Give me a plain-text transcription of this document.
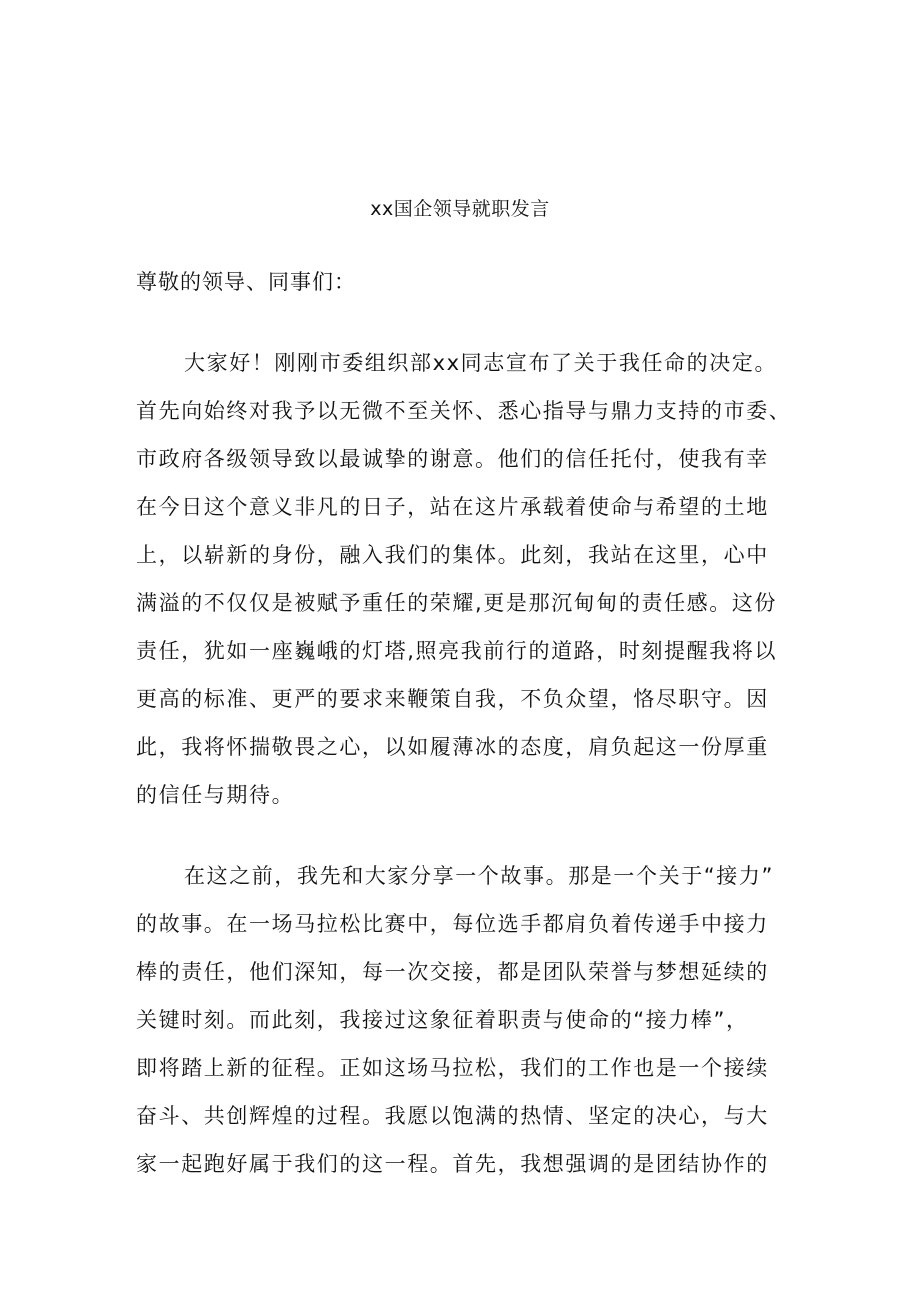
xx国企领导就职发言
尊敬的领导、同事们：
大家好！刚刚市委组织部xx同志宣布了关于我任命的决定。
首先向始终对我予以无微不至关怀、悉心指导与鼎力支持的市委、
市政府各级领导致以最诚挚的谢意。他们的信任托付，使我有幸
在今日这个意义非凡的日子，站在这片承载着使命与希望的土地
上，以崭新的身份，融入我们的集体。此刻，我站在这里，心中
满溢的不仅仅是被赋予重任的荣耀,更是那沉甸甸的责任感。这份
责任，犹如一座巍峨的灯塔,照亮我前行的道路，时刻提醒我将以
更高的标准、更严的要求来鞭策自我，不负众望，恪尽职守。因
此，我将怀揣敬畏之心，以如履薄冰的态度，肩负起这一份厚重
的信任与期待。
在这之前，我先和大家分享一个故事。那是一个关于“接力”
的故事。在一场马拉松比赛中，每位选手都肩负着传递手中接力
棒的责任，他们深知，每一次交接，都是团队荣誉与梦想延续的
关键时刻。而此刻，我接过这象征着职责与使命的“接力棒”，
即将踏上新的征程。正如这场马拉松，我们的工作也是一个接续
奋斗、共创辉煌的过程。我愿以饱满的热情、坚定的决心，与大
家一起跑好属于我们的这一程。首先，我想强调的是团结协作的
